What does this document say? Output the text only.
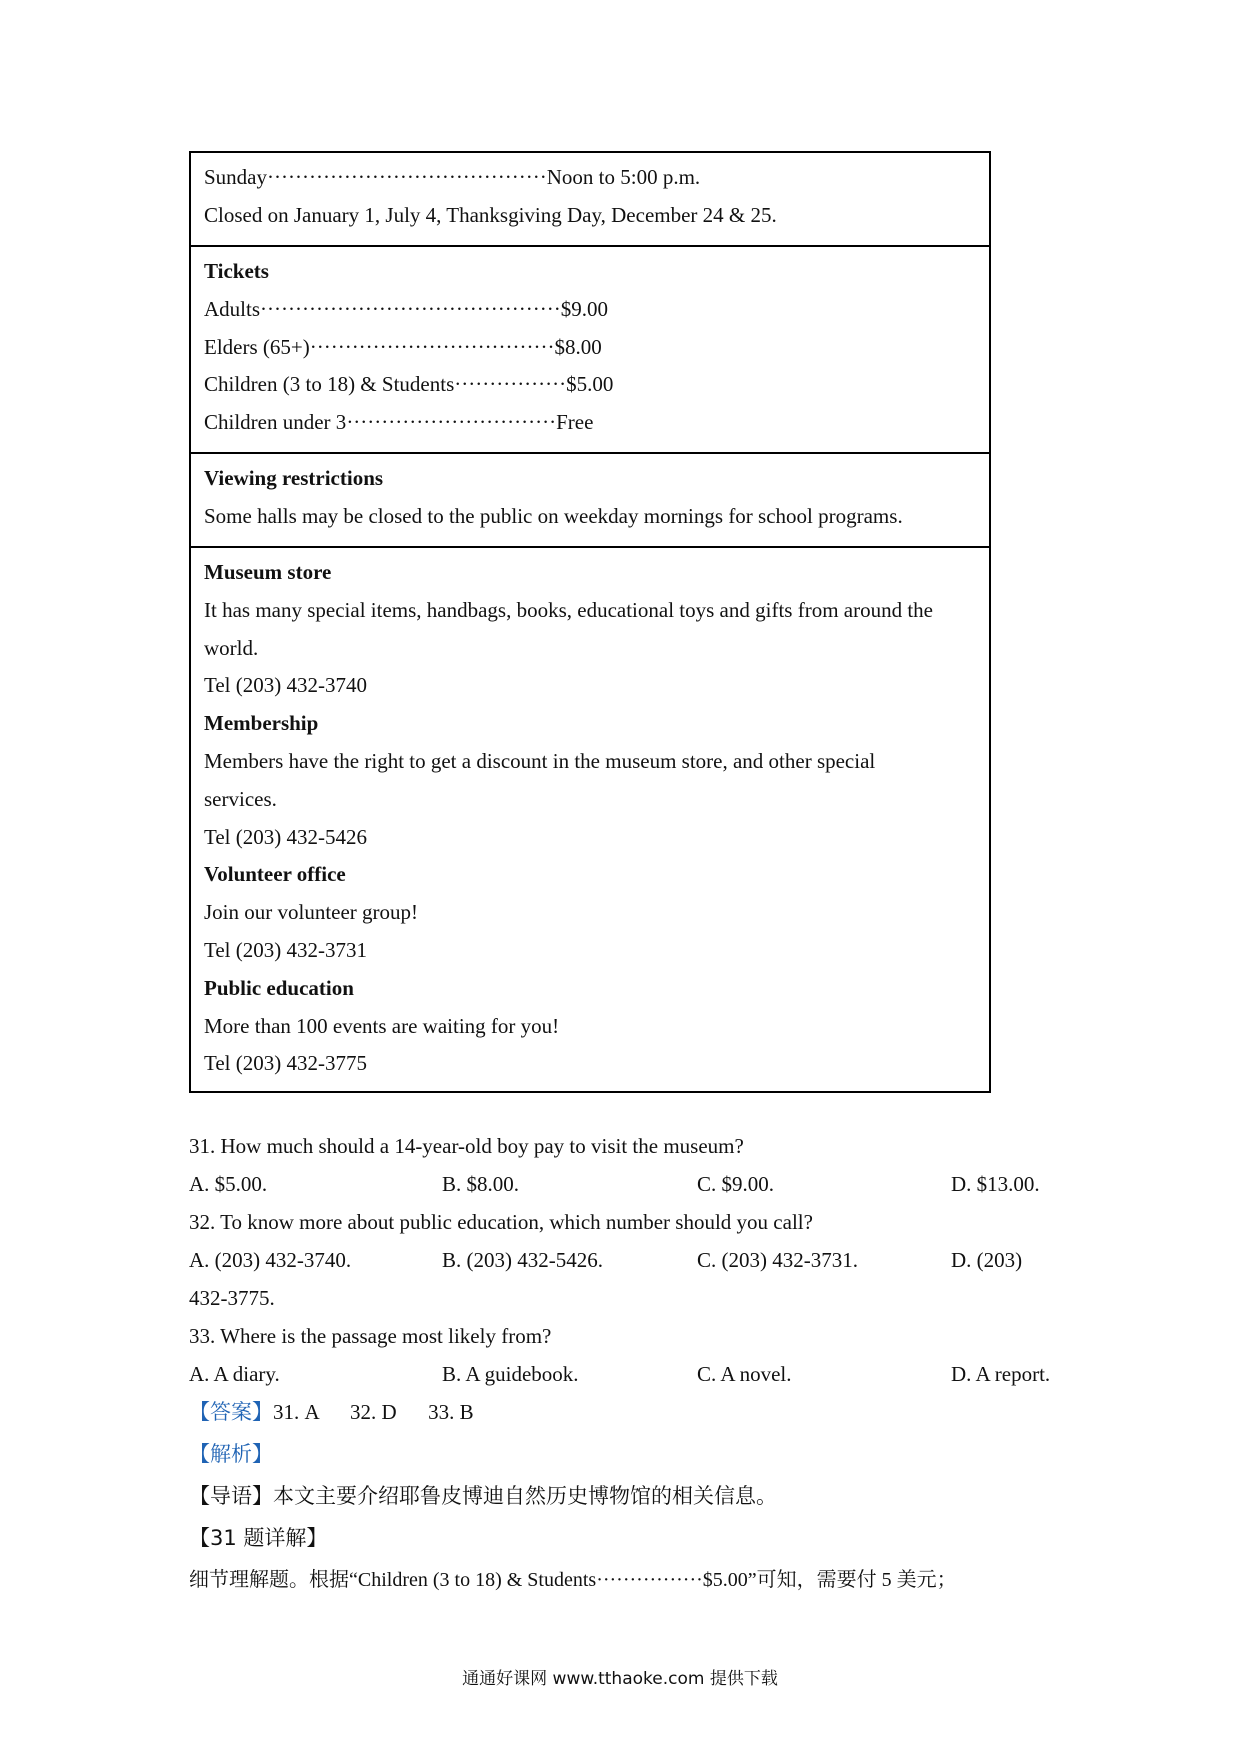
Sunday········································Noon to 5:00 p.m.
Closed on January 1, July 4, Thanksgiving Day, December 24 & 25.
Tickets
Adults···········································$9.00
Elders (65+)···································$8.00
Children (3 to 18) & Students················$5.00
Children under 3······························Free
Viewing restrictions
Some halls may be closed to the public on weekday mornings for school programs.
Museum store
It has many special items, handbags, books, educational toys and gifts from around the world.
Tel (203) 432-3740
Membership
Members have the right to get a discount in the museum store, and other special services.
Tel (203) 432-5426
Volunteer office
Join our volunteer group!
Tel (203) 432-3731
Public education
More than 100 events are waiting for you!
Tel (203) 432-3775
31. How much should a 14-year-old boy pay to visit the museum?
A. $5.00.	B. $8.00.	C. $9.00.	D. $13.00.
32. To know more about public education, which number should you call?
A. (203) 432-3740.	B. (203) 432-5426.	C. (203) 432-3731.	D. (203)
432-3775.
33. Where is the passage most likely from?
A. A diary.	B. A guidebook.	C. A novel.	D. A report.
【答案】31. A      32. D      33. B
【解析】
【导语】本文主要介绍耶鲁皮博迪自然历史博物馆的相关信息。
【31 题详解】
细节理解题。根据“Children (3 to 18) & Students················$5.00”可知，需要付 5 美元；
通通好课网 www.tthaoke.com 提供下载
